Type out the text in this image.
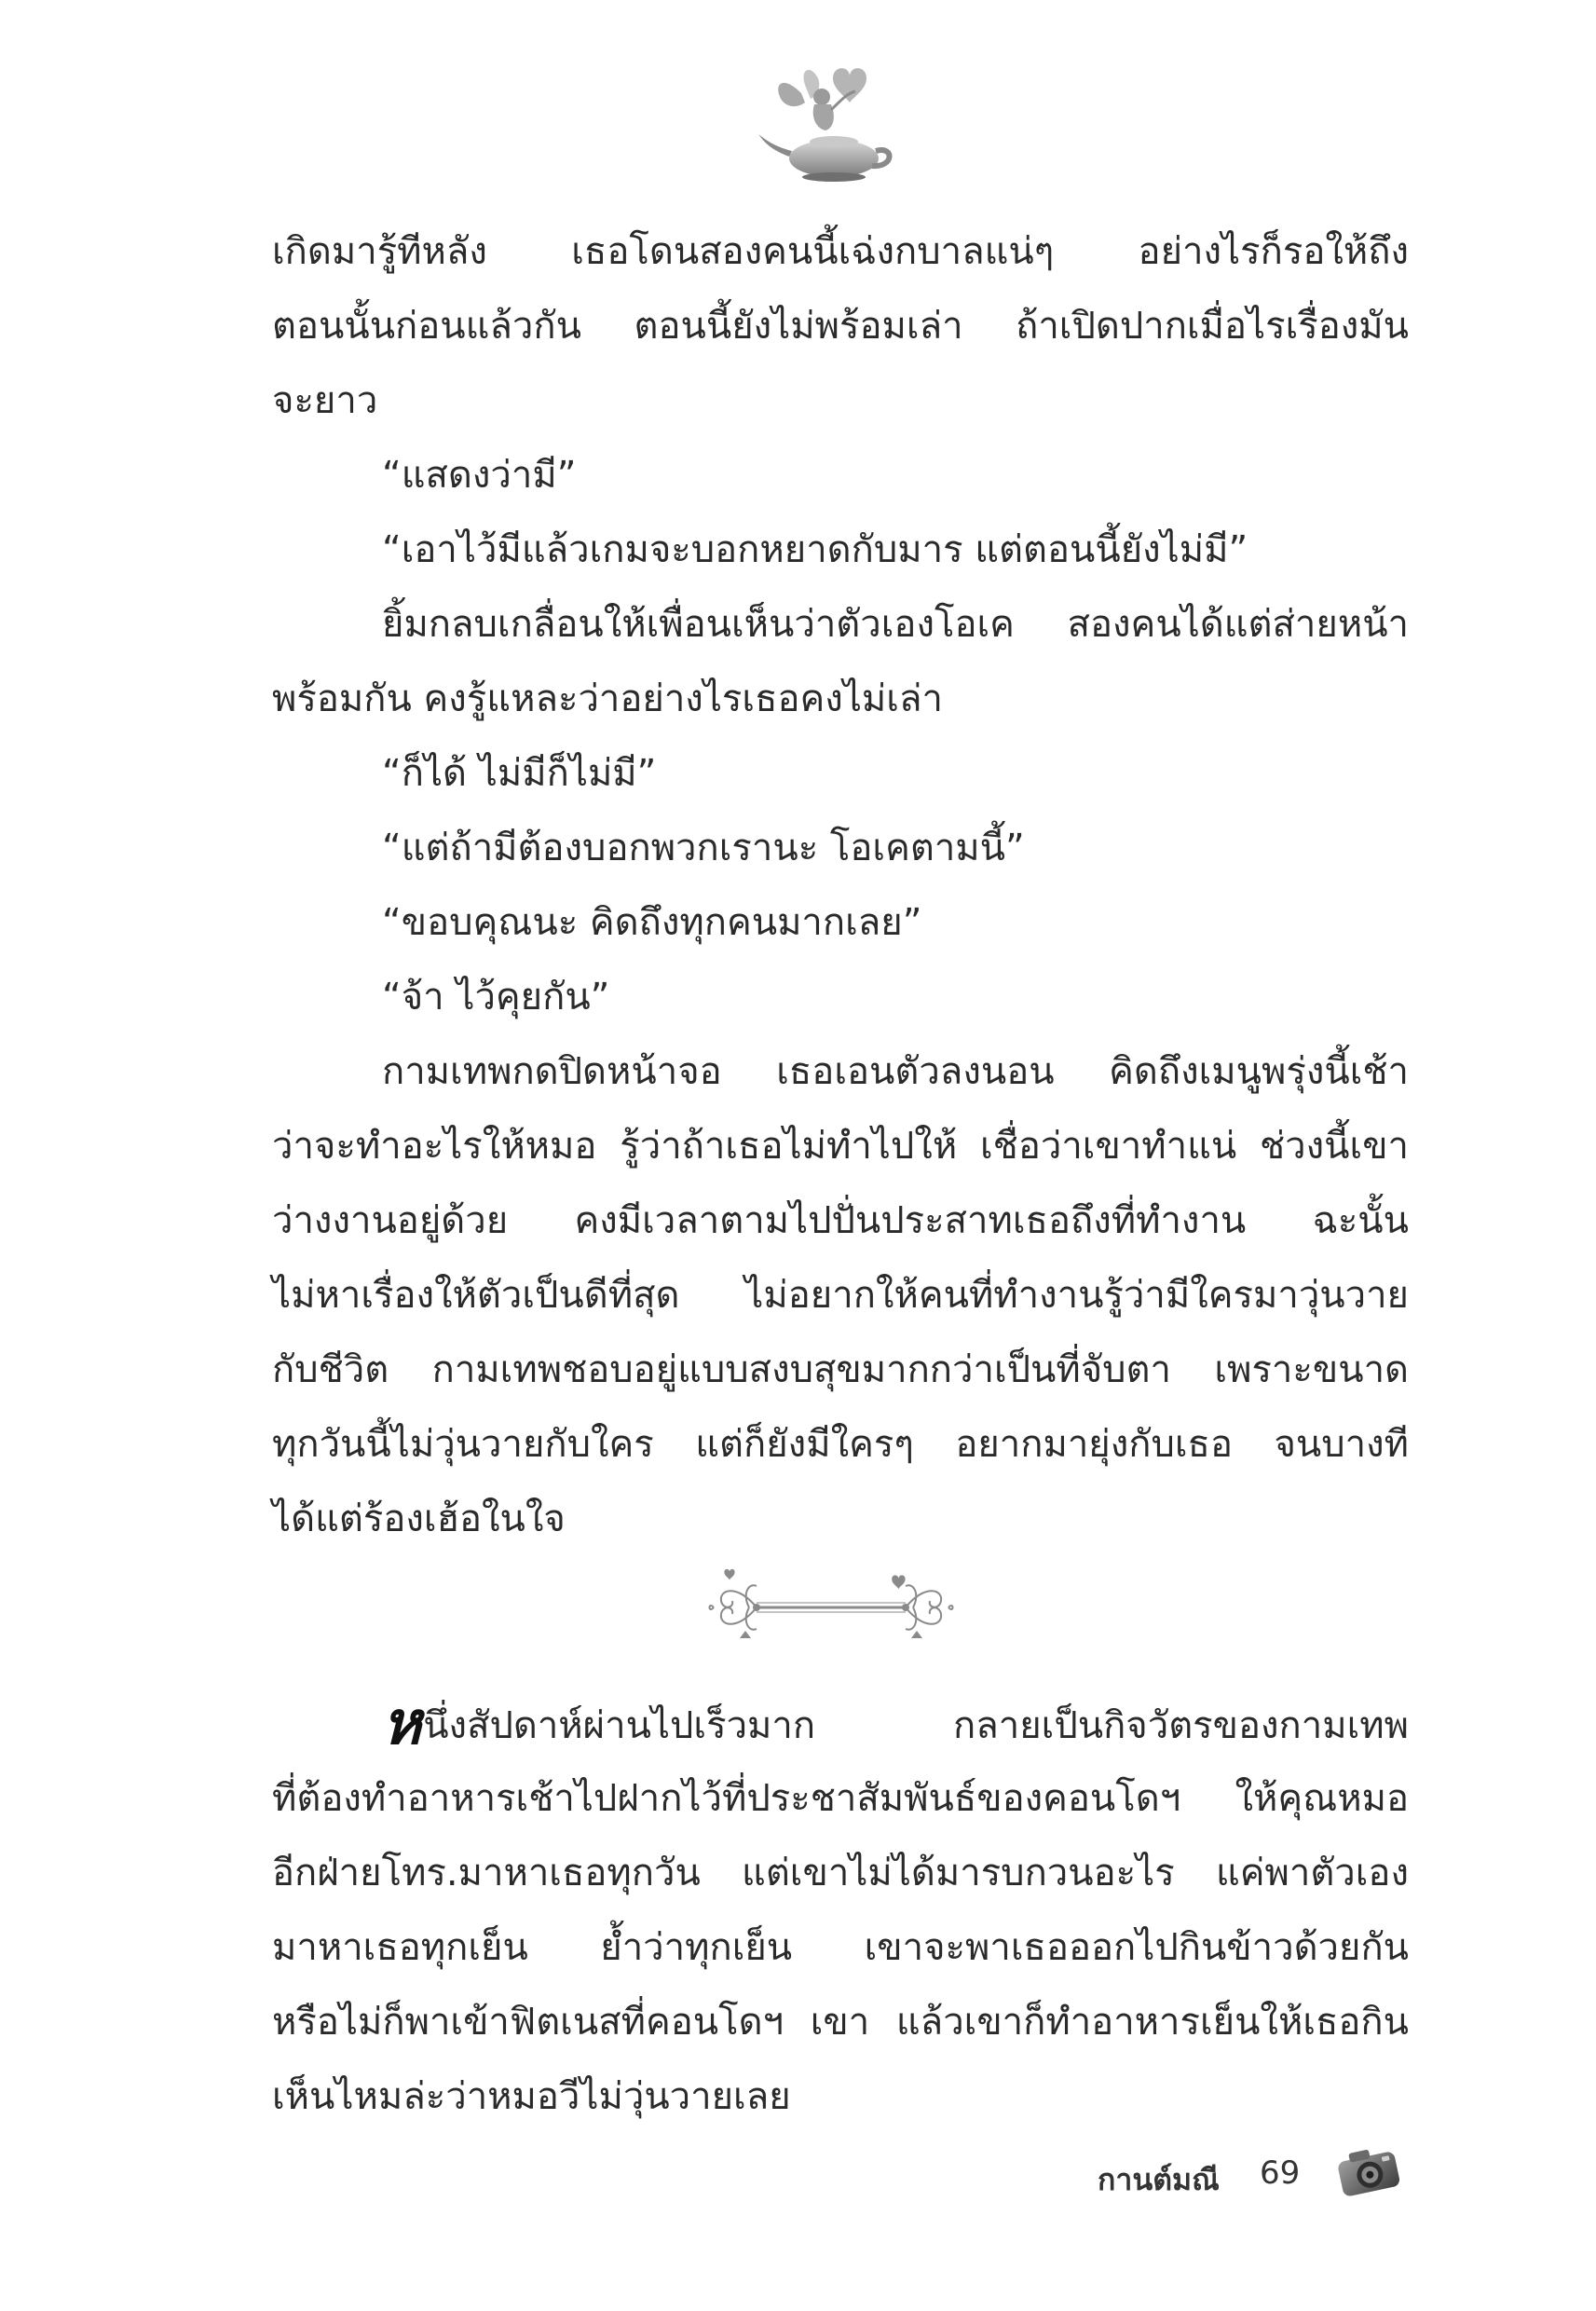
เกิดมารู้ทีหลัง เธอโดนสองคนนี้เฉ่งกบาลแน่ๆ อย่างไรก็รอให้ถึง
ตอนนั้นก่อนแล้วกัน ตอนนี้ยังไม่พร้อมเล่า ถ้าเปิดปากเมื่อไรเรื่องมัน
จะยาว
“แสดงว่ามี”
“เอาไว้มีแล้วเกมจะบอกหยาดกับมาร แต่ตอนนี้ยังไม่มี”
ยิ้มกลบเกลื่อนให้เพื่อนเห็นว่าตัวเองโอเค สองคนได้แต่ส่ายหน้า
พร้อมกัน คงรู้แหละว่าอย่างไรเธอคงไม่เล่า
“ก็ได้ ไม่มีก็ไม่มี”
“แต่ถ้ามีต้องบอกพวกเรานะ โอเคตามนี้”
“ขอบคุณนะ คิดถึงทุกคนมากเลย”
“จ้า ไว้คุยกัน”
กามเทพกดปิดหน้าจอ เธอเอนตัวลงนอน คิดถึงเมนูพรุ่งนี้เช้า
ว่าจะทำอะไรให้หมอ รู้ว่าถ้าเธอไม่ทำไปให้ เชื่อว่าเขาทำแน่ ช่วงนี้เขา
ว่างงานอยู่ด้วย คงมีเวลาตามไปปั่นประสาทเธอถึงที่ทำงาน ฉะนั้น
ไม่หาเรื่องให้ตัวเป็นดีที่สุด ไม่อยากให้คนที่ทำงานรู้ว่ามีใครมาวุ่นวาย
กับชีวิต กามเทพชอบอยู่แบบสงบสุขมากกว่าเป็นที่จับตา เพราะขนาด
ทุกวันนี้ไม่วุ่นวายกับใคร แต่ก็ยังมีใครๆ อยากมายุ่งกับเธอ จนบางที
ได้แต่ร้องเฮ้อในใจ
หนึ่งสัปดาห์ผ่านไปเร็วมาก กลายเป็นกิจวัตรของกามเทพ
ที่ต้องทำอาหารเช้าไปฝากไว้ที่ประชาสัมพันธ์ของคอนโดฯ ให้คุณหมอ
อีกฝ่ายโทร.มาหาเธอทุกวัน แต่เขาไม่ได้มารบกวนอะไร แค่พาตัวเอง
มาหาเธอทุกเย็น ย้ำว่าทุกเย็น เขาจะพาเธอออกไปกินข้าวด้วยกัน
หรือไม่ก็พาเข้าฟิตเนสที่คอนโดฯ เขา แล้วเขาก็ทำอาหารเย็นให้เธอกิน
เห็นไหมล่ะว่าหมอวีไม่วุ่นวายเลย
กานต์มณี 69
